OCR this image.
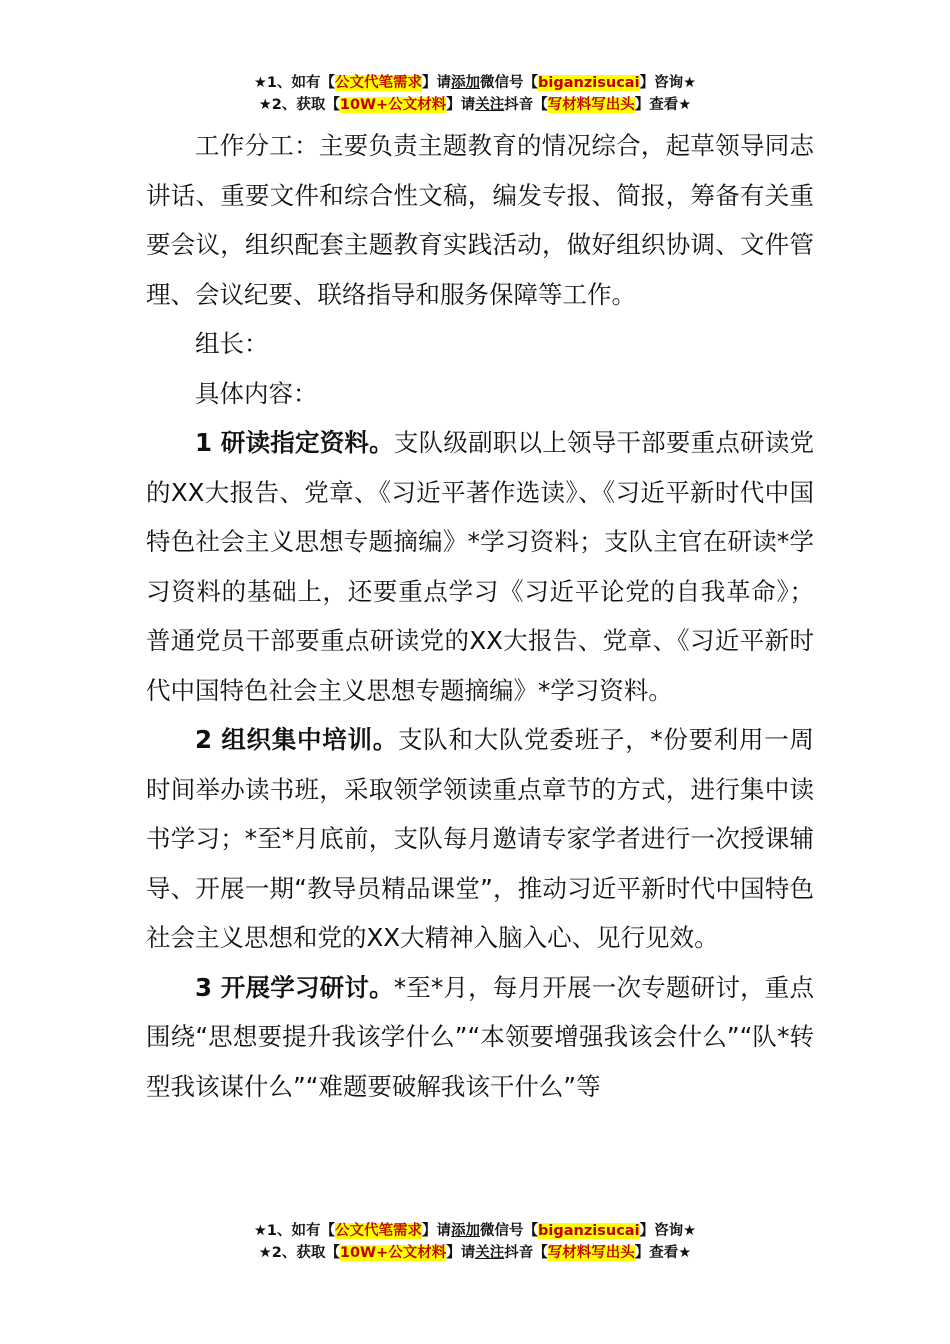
★1、如有【公文代笔需求】请添加微信号【biganzisucai】咨询★
★2、获取【10W+公文材料】请关注抖音【写材料写出头】查看★

工作分工：主要负责主题教育的情况综合，起草领导同志讲话、重要文件和综合性文稿，编发专报、简报，筹备有关重要会议，组织配套主题教育实践活动，做好组织协调、文件管理、会议纪要、联络指导和服务保障等工作。

组长：

具体内容：

1 研读指定资料。支队级副职以上领导干部要重点研读党的XX大报告、党章、《习近平著作选读》、《习近平新时代中国特色社会主义思想专题摘编》*学习资料；支队主官在研读*学习资料的基础上，还要重点学习《习近平论党的自我革命》；普通党员干部要重点研读党的XX大报告、党章、《习近平新时代中国特色社会主义思想专题摘编》*学习资料。

2 组织集中培训。支队和大队党委班子，*份要利用一周时间举办读书班，采取领学领读重点章节的方式，进行集中读书学习；*至*月底前，支队每月邀请专家学者进行一次授课辅导、开展一期“教导员精品课堂”，推动习近平新时代中国特色社会主义思想和党的XX大精神入脑入心、见行见效。

3 开展学习研讨。*至*月，每月开展一次专题研讨，重点围绕“思想要提升我该学什么”“本领要增强我该会什么”“队*转型我该谋什么”“难题要破解我该干什么”等

★1、如有【公文代笔需求】请添加微信号【biganzisucai】咨询★
★2、获取【10W+公文材料】请关注抖音【写材料写出头】查看★
